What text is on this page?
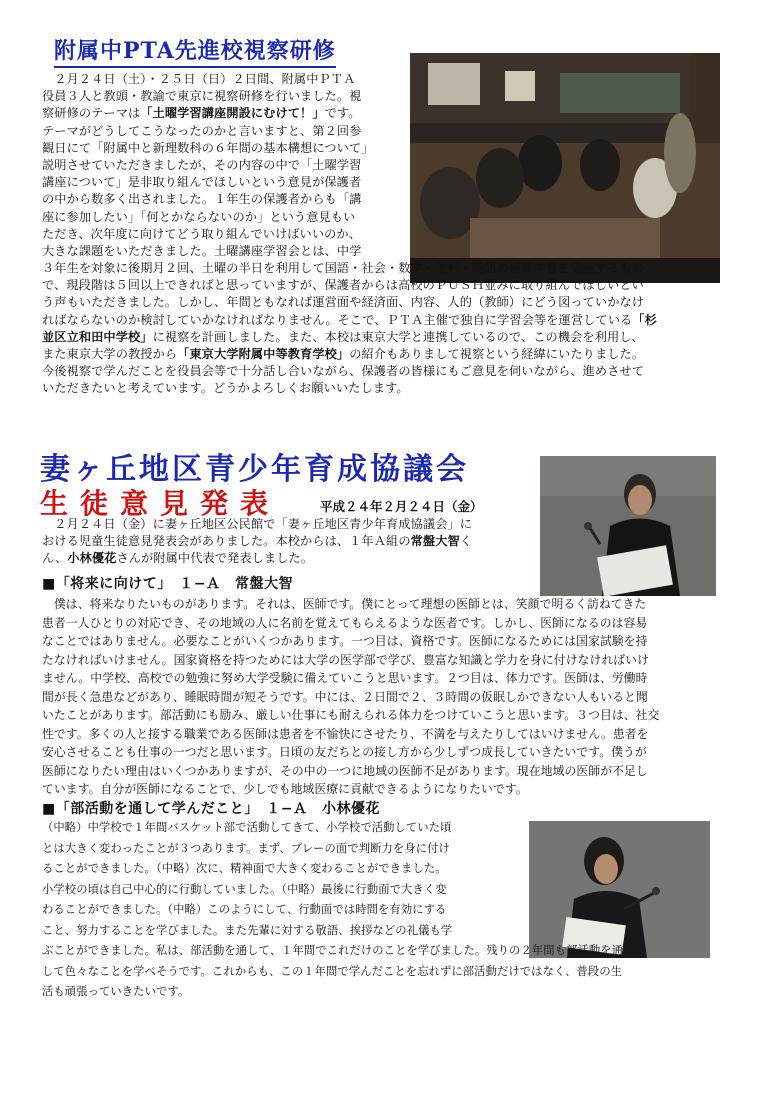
附属中PTA先進校視察研修
　２月２４日（土）・２５日（日）２日間、附属中ＰＴＡ
役員３人と教頭・教諭で東京に視察研修を行いました。視
察研修のテーマは「土曜学習講座開設にむけて！」です。
テーマがどうしてこうなったのかと言いますと、第２回参
観日にて「附属中と新理数科の６年間の基本構想について」
説明させていただきましたが、その内容の中で「土曜学習
講座について」是非取り組んでほしいという意見が保護者
の中から数多く出されました。１年生の保護者からも「講
座に参加したい」「何とかならないのか」という意見もい
ただき、次年度に向けてどう取り組んでいけばいいのか、
大きな課題をいただきました。土曜講座学習会とは、中学
３年生を対象に後期月２回、土曜の半日を利用して国語・社会・数学・理科・英語の補修学習を実施するもの
で、現段階は５回以上できればと思っていますが、保護者からは高校のＰＵＳＨ並みに取り組んでほしいとい
う声もいただきました。しかし、年間ともなれば運営面や経済面、内容、人的（教師）にどう図っていかなけ
ればならないのか検討していかなければなりません。そこで、ＰＴＡ主催で独自に学習会等を運営している「杉
並区立和田中学校」に視察を計画しました。また、本校は東京大学と連携しているので、この機会を利用し、
また東京大学の教授から「東京大学附属中等教育学校」の紹介もありまして視察という経緯にいたりました。
今後視察で学んだことを役員会等で十分話し合いながら、保護者の皆様にもご意見を伺いながら、進めさせて
いただきたいと考えています。どうかよろしくお願いいたします。
妻ヶ丘地区青少年育成協議会
生徒意見発表	平成２４年２月２４日（金）
　２月２４日（金）に妻ヶ丘地区公民館で「妻ヶ丘地区青少年育成協議会」に
おける児童生徒意見発表会がありました。本校からは、１年Ａ組の常盤大智く
ん、小林優花さんが附属中代表で発表しました。
■「将来に向けて」　１−Ａ　常盤大智
　僕は、将来なりたいものがあります。それは、医師です。僕にとって理想の医師とは、笑顔で明るく訪ねてきた
患者一人ひとりの対応でき、その地域の人に名前を覚えてもらえるような医者です。しかし、医師になるのは容易
なことではありません。必要なことがいくつかあります。一つ目は、資格です。医師になるためには国家試験を持
たなければいけません。国家資格を持つためには大学の医学部で学び、豊富な知識と学力を身に付けなければいけ
ません。中学校、高校での勉強に努め大学受験に備えていこうと思います。２つ目は、体力です。医師は、労働時
間が長く急患などがあり、睡眠時間が短そうです。中には、２日間で２、３時間の仮眠しかできない人もいると聞
いたことがあります。部活動にも励み、厳しい仕事にも耐えられる体力をつけていこうと思います。３つ目は、社交
性です。多くの人と接する職業である医師は患者を不愉快にさせたり、不満を与えたりしてはいけません。患者を
安心させることも仕事の一つだと思います。日頃の友だちとの接し方から少しずつ成長していきたいです。僕うが
医師になりたい理由はいくつかありますが、その中の一つに地域の医師不足があります。現在地域の医師が不足し
ています。自分が医師になることで、少しでも地域医療に貢献できるようになりたいです。
■「部活動を通して学んだこと」　１−Ａ　小林優花
（中略）中学校で１年間バスケット部で活動してきて、小学校で活動していた頃
とは大きく変わったことが３つあります。まず、プレーの面で判断力を身に付け
ることができました。（中略）次に、精神面で大きく変わることができました。
小学校の頃は自己中心的に行動していました。（中略）最後に行動面で大きく変
わることができました。（中略）このようにして、行動面では時間を有効にする
こと、努力することを学びました。また先輩に対する敬語、挨拶などの礼儀も学
ぶことができました。私は、部活動を通して、１年間でこれだけのことを学びました。残りの２年間も部活動を通
して色々なことを学べそうです。これからも、この１年間で学んだことを忘れずに部活動だけではなく、普段の生
活も頑張っていきたいです。
